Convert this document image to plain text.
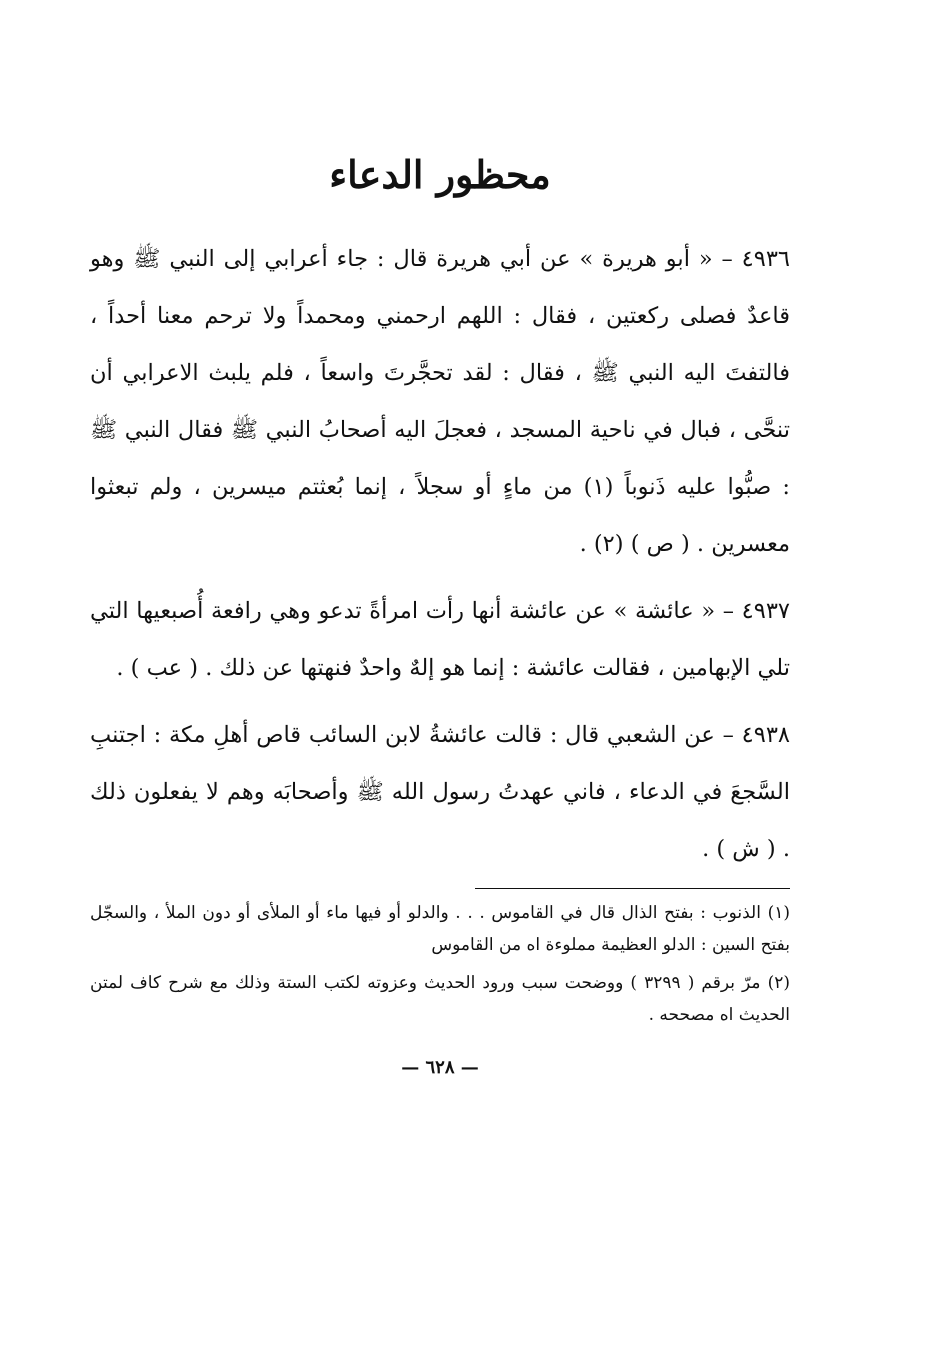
محظور الدعاء

٤٩٣٦ – « أبو هريرة » عن أبي هريرة قال : جاء أعرابي إلى النبي ﷺ وهو قاعدٌ فصلى ركعتين ، فقال : اللهم ارحمني ومحمداً ولا ترحم معنا أحداً ، فالتفتَ اليه النبي ﷺ ، فقال : لقد تحجَّرتَ واسعاً ، فلم يلبث الاعرابي أن تنحَّى ، فبال في ناحية المسجد ، فعجلَ اليه أصحابُ النبي ﷺ فقال النبي ﷺ : صبُّوا عليه ذَنوباً (١) من ماءٍ أو سجلاً ، إنما بُعثتم ميسرين ، ولم تبعثوا معسرين . ( ص ) (٢) .

٤٩٣٧ – « عائشة » عن عائشة أنها رأت امرأةً تدعو وهي رافعة أُصبعيها التي تلي الإبهامين ، فقالت عائشة : إنما هو إلهٌ واحدٌ فنهتها عن ذلك . ( عب ) .

٤٩٣٨ – عن الشعبي قال : قالت عائشةُ لابن السائب قاص أهلِ مكة : اجتنبِ السَّجعَ في الدعاء ، فاني عهدتُ رسول الله ﷺ وأصحابَه وهم لا يفعلون ذلك . ( ش ) .

(١) الذنوب : بفتح الذال قال في القاموس . . . والدلو أو فيها ماء أو الملأى أو دون الملأ ، والسجّل بفتح السين : الدلو العظيمة مملوءة اه من القاموس

(٢) مرّ برقم ( ٣٢٩٩ ) ووضحت سبب ورود الحديث وعزوته لكتب الستة وذلك مع شرح كاف لمتن الحديث اه مصححه .

— ٦٢٨ —
